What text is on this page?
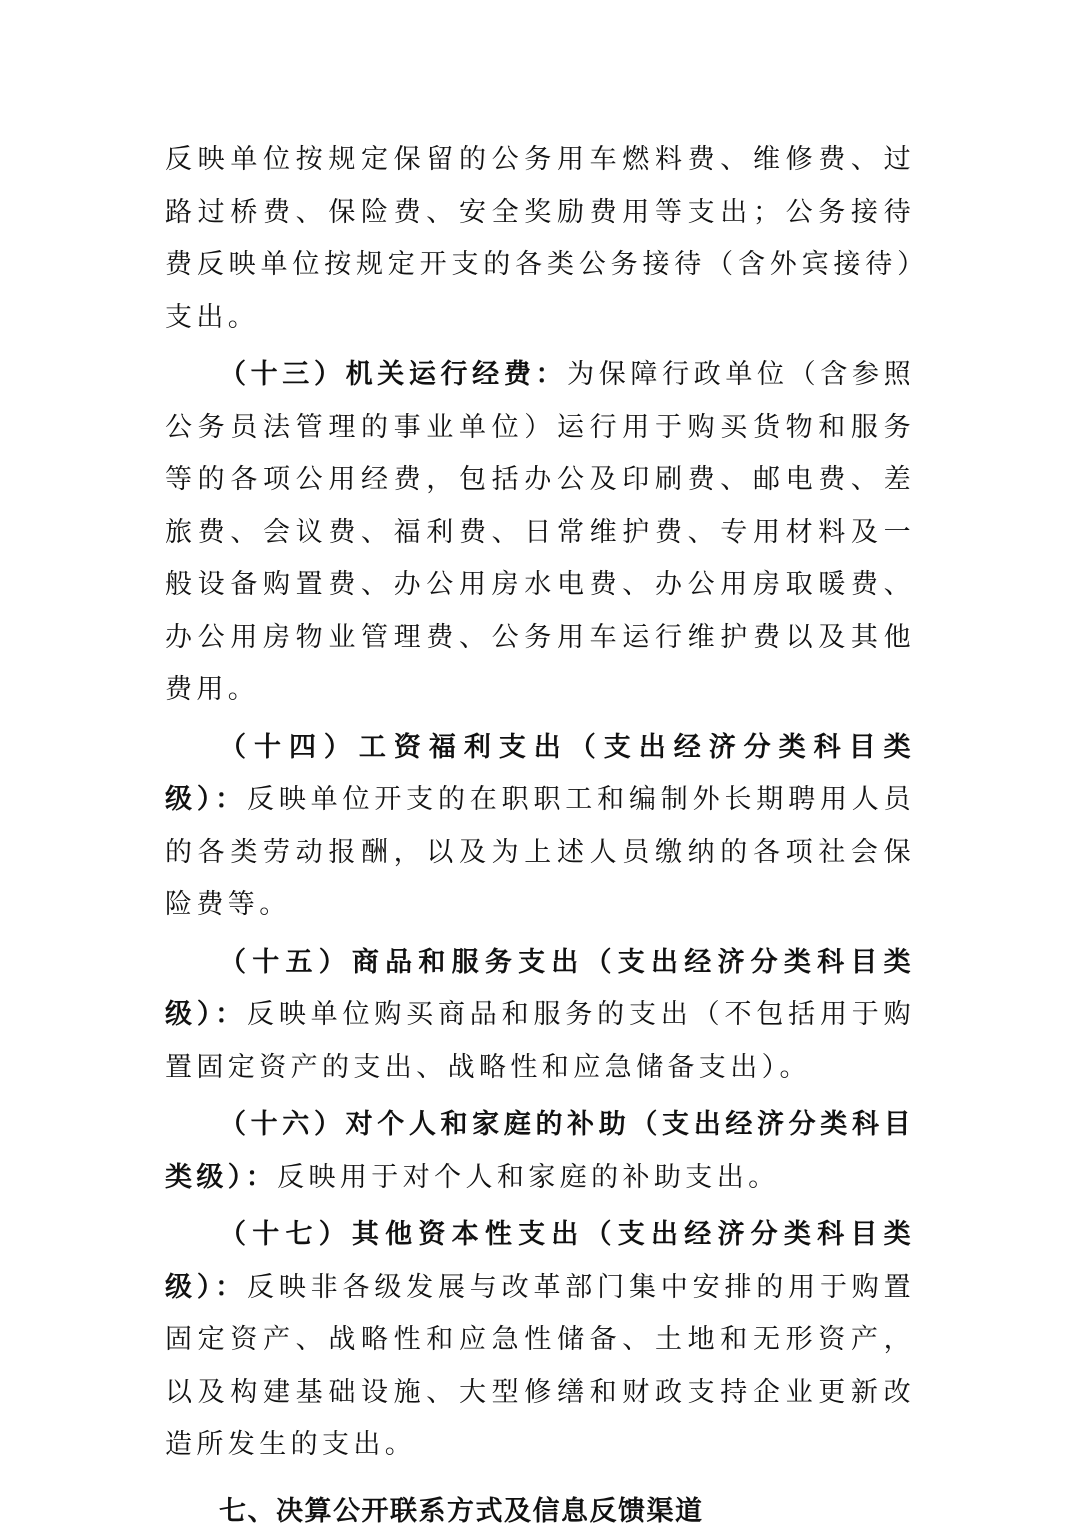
反映单位按规定保留的公务用车燃料费、维修费、过路过桥费、保险费、安全奖励费用等支出；公务接待费反映单位按规定开支的各类公务接待（含外宾接待）支出。

（十三）机关运行经费：为保障行政单位（含参照公务员法管理的事业单位）运行用于购买货物和服务等的各项公用经费，包括办公及印刷费、邮电费、差旅费、会议费、福利费、日常维护费、专用材料及一般设备购置费、办公用房水电费、办公用房取暖费、办公用房物业管理费、公务用车运行维护费以及其他费用。

（十四）工资福利支出（支出经济分类科目类级）：反映单位开支的在职职工和编制外长期聘用人员的各类劳动报酬，以及为上述人员缴纳的各项社会保险费等。

（十五）商品和服务支出（支出经济分类科目类级）：反映单位购买商品和服务的支出（不包括用于购置固定资产的支出、战略性和应急储备支出）。

（十六）对个人和家庭的补助（支出经济分类科目类级）：反映用于对个人和家庭的补助支出。

（十七）其他资本性支出（支出经济分类科目类级）：反映非各级发展与改革部门集中安排的用于购置固定资产、战略性和应急性储备、土地和无形资产，以及构建基础设施、大型修缮和财政支持企业更新改造所发生的支出。

七、决算公开联系方式及信息反馈渠道
